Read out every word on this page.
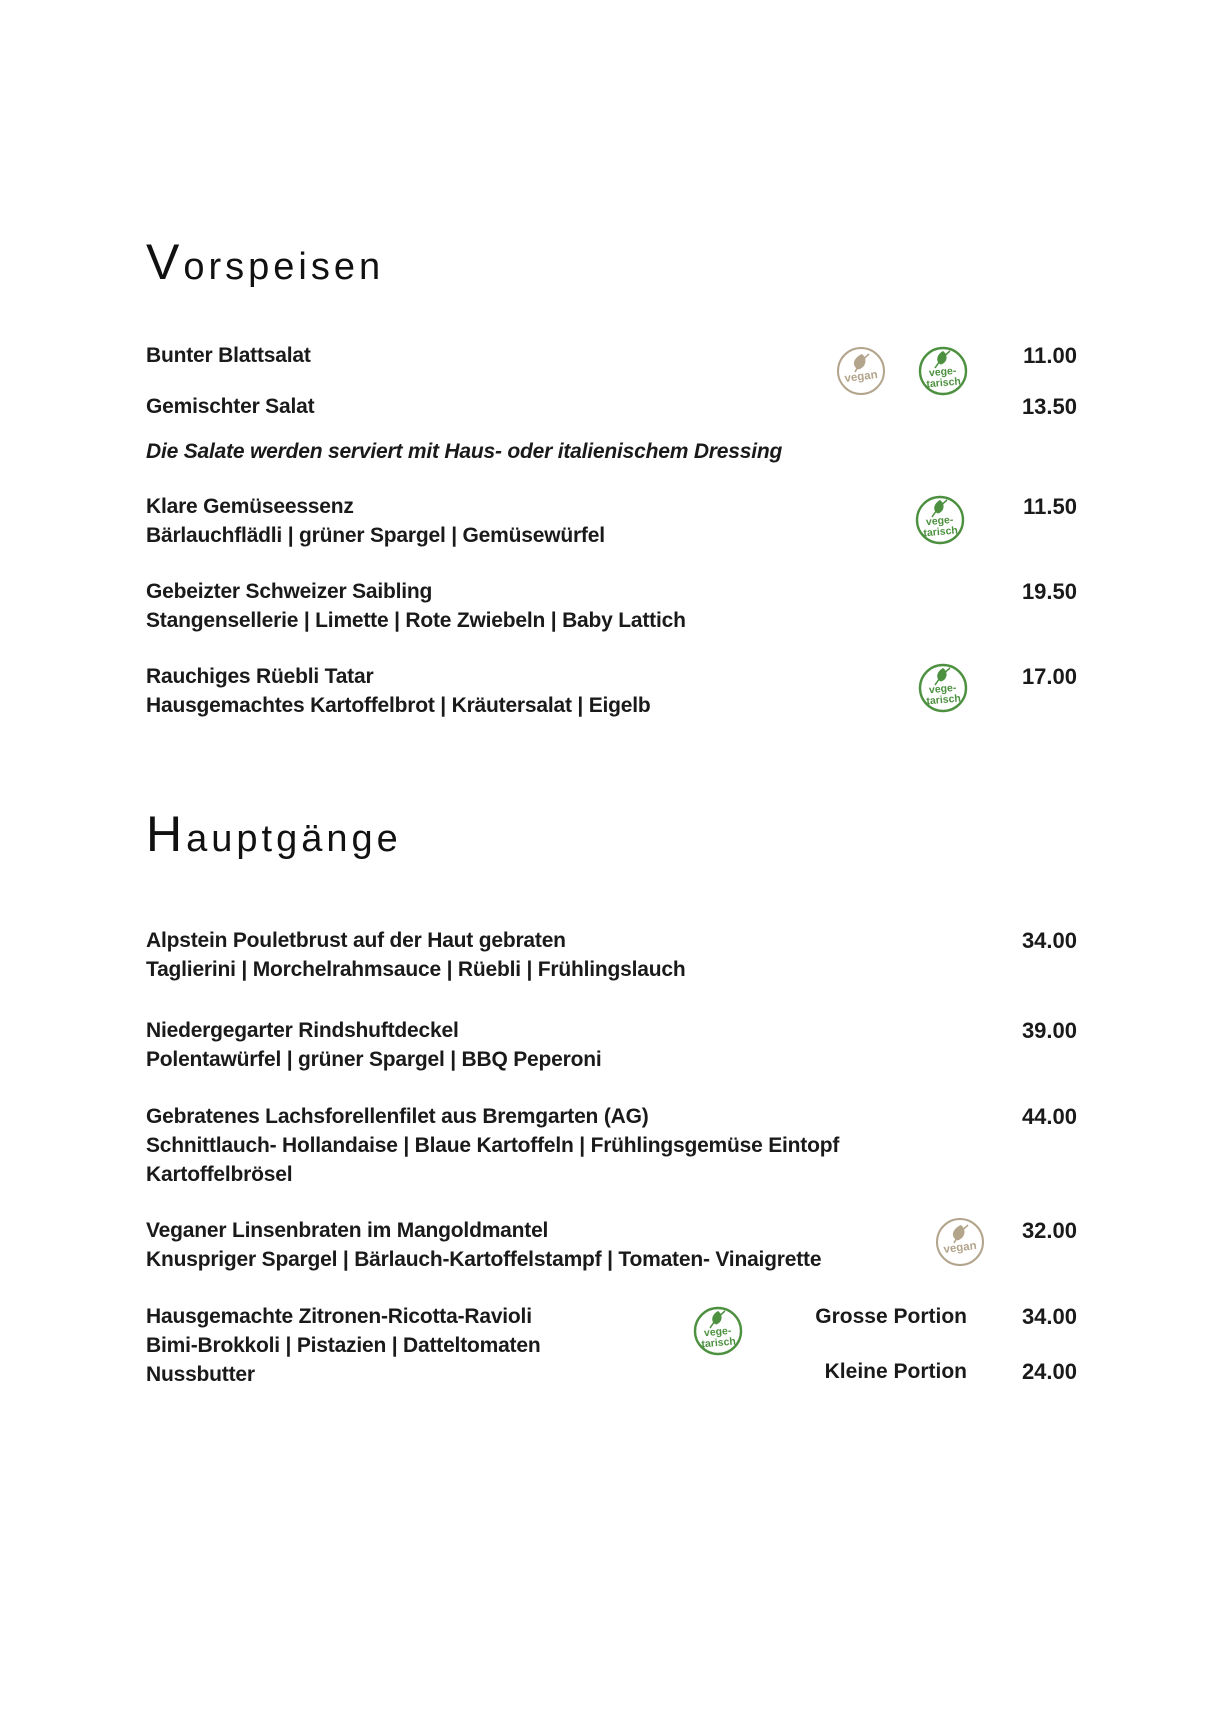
Vorspeisen
Bunter Blattsalat
vegan	vege-
tarisch
11.00
Gemischter Salat	13.50
Die Salate werden serviert mit Haus- oder italienischem Dressing
Klare Gemüseessenz
Bärlauchflädli | grüner Spargel | Gemüsewürfel
vege-
tarisch
11.50
Gebeizter Schweizer Saibling
Stangensellerie | Limette | Rote Zwiebeln | Baby Lattich
19.50
Rauchiges Rüebli Tatar
Hausgemachtes Kartoffelbrot | Kräutersalat | Eigelb
vege-
tarisch
17.00
Hauptgänge
Alpstein Pouletbrust auf der Haut gebraten
Taglierini | Morchelrahmsauce | Rüebli | Frühlingslauch
34.00
Niedergegarter Rindshuftdeckel
Polentawürfel | grüner Spargel | BBQ Peperoni
39.00
Gebratenes Lachsforellenfilet aus Bremgarten (AG)
Schnittlauch- Hollandaise | Blaue Kartoffeln | Frühlingsgemüse Eintopf
Kartoffelbrösel
44.00
Veganer Linsenbraten im Mangoldmantel
Knuspriger Spargel | Bärlauch-Kartoffelstampf | Tomaten- Vinaigrette
vegan
32.00
Hausgemachte Zitronen-Ricotta-Ravioli
Bimi-Brokkoli | Pistazien | Datteltomaten
Nussbutter
vege-
tarisch
Grosse Portion 34.00
Kleine Portion 24.00
